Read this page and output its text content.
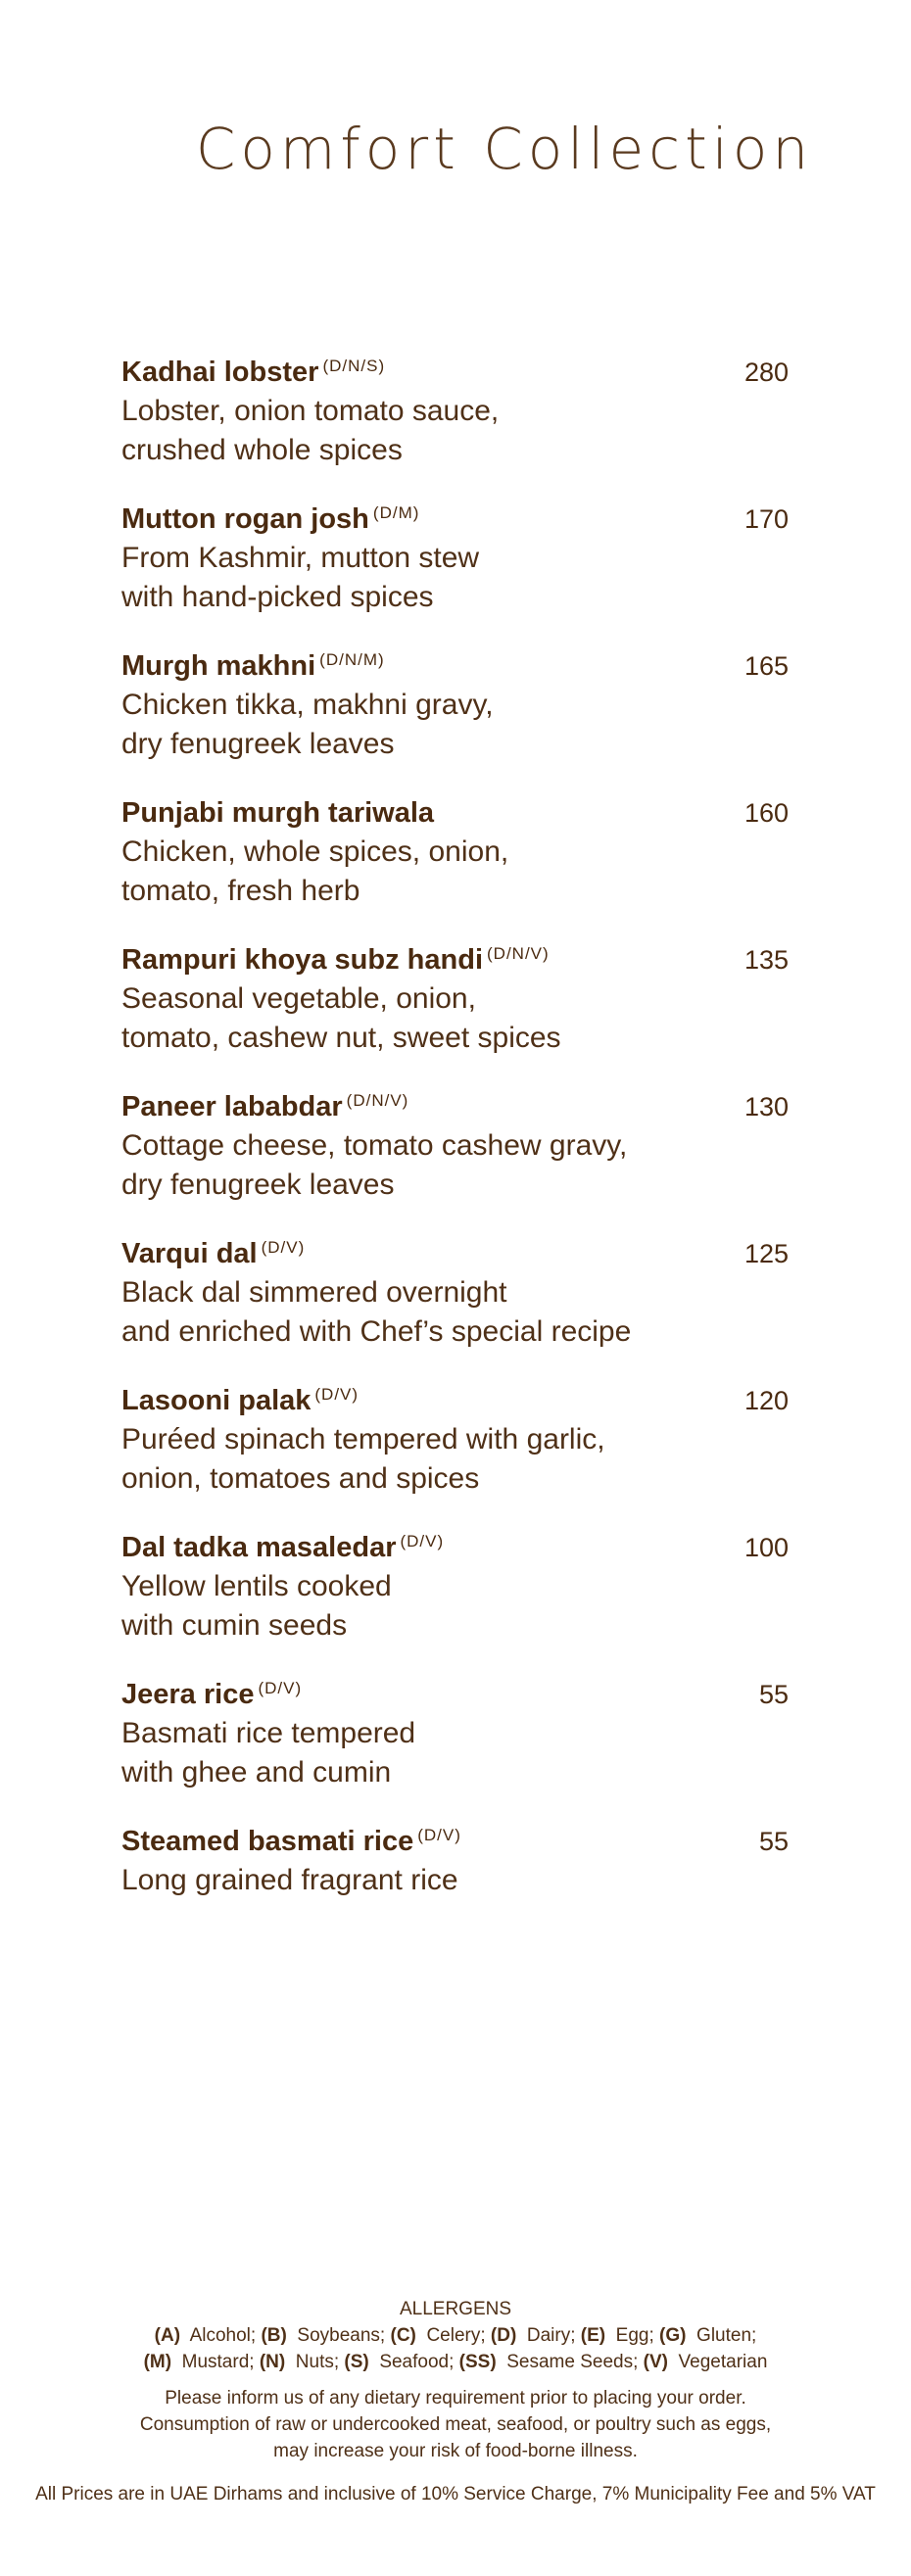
Comfort Collection
Kadhai lobster $^{(D/N/S)}$	280
Lobster, onion tomato sauce,
crushed whole spices
Mutton rogan josh $^{(D/M)}$	170
From Kashmir, mutton stew
with hand-picked spices
Murgh makhni $^{(D/N/M)}$	165
Chicken tikka, makhni gravy,
dry fenugreek leaves
Punjabi murgh tariwala	160
Chicken, whole spices, onion,
tomato, fresh herb
Rampuri khoya subz handi $^{(D/N/V)}$	135
Seasonal vegetable, onion,
tomato, cashew nut, sweet spices
Paneer lababdar $^{(D/N/V)}$	130
Cottage cheese, tomato cashew gravy,
dry fenugreek leaves
Varqui dal $^{(D/V)}$	125
Black dal simmered overnight
and enriched with Chef’s special recipe
Lasooni palak $^{(D/V)}$	120
Puréed spinach tempered with garlic,
onion, tomatoes and spices
Dal tadka masaledar $^{(D/V)}$	100
Yellow lentils cooked
with cumin seeds
Jeera rice $^{(D/V)}$	55
Basmati rice tempered
with ghee and cumin
Steamed basmati rice $^{(D/V)}$	55
Long grained fragrant rice
ALLERGENS
(A) Alcohol; (B) Soybeans; (C) Celery; (D) Dairy; (E) Egg; (G) Gluten;
(M) Mustard; (N) Nuts; (S) Seafood; (SS) Sesame Seeds; (V) Vegetarian
Please inform us of any dietary requirement prior to placing your order.
Consumption of raw or undercooked meat, seafood, or poultry such as eggs,
may increase your risk of food-borne illness.
All Prices are in UAE Dirhams and inclusive of 10% Service Charge, 7% Municipality Fee and 5% VAT
